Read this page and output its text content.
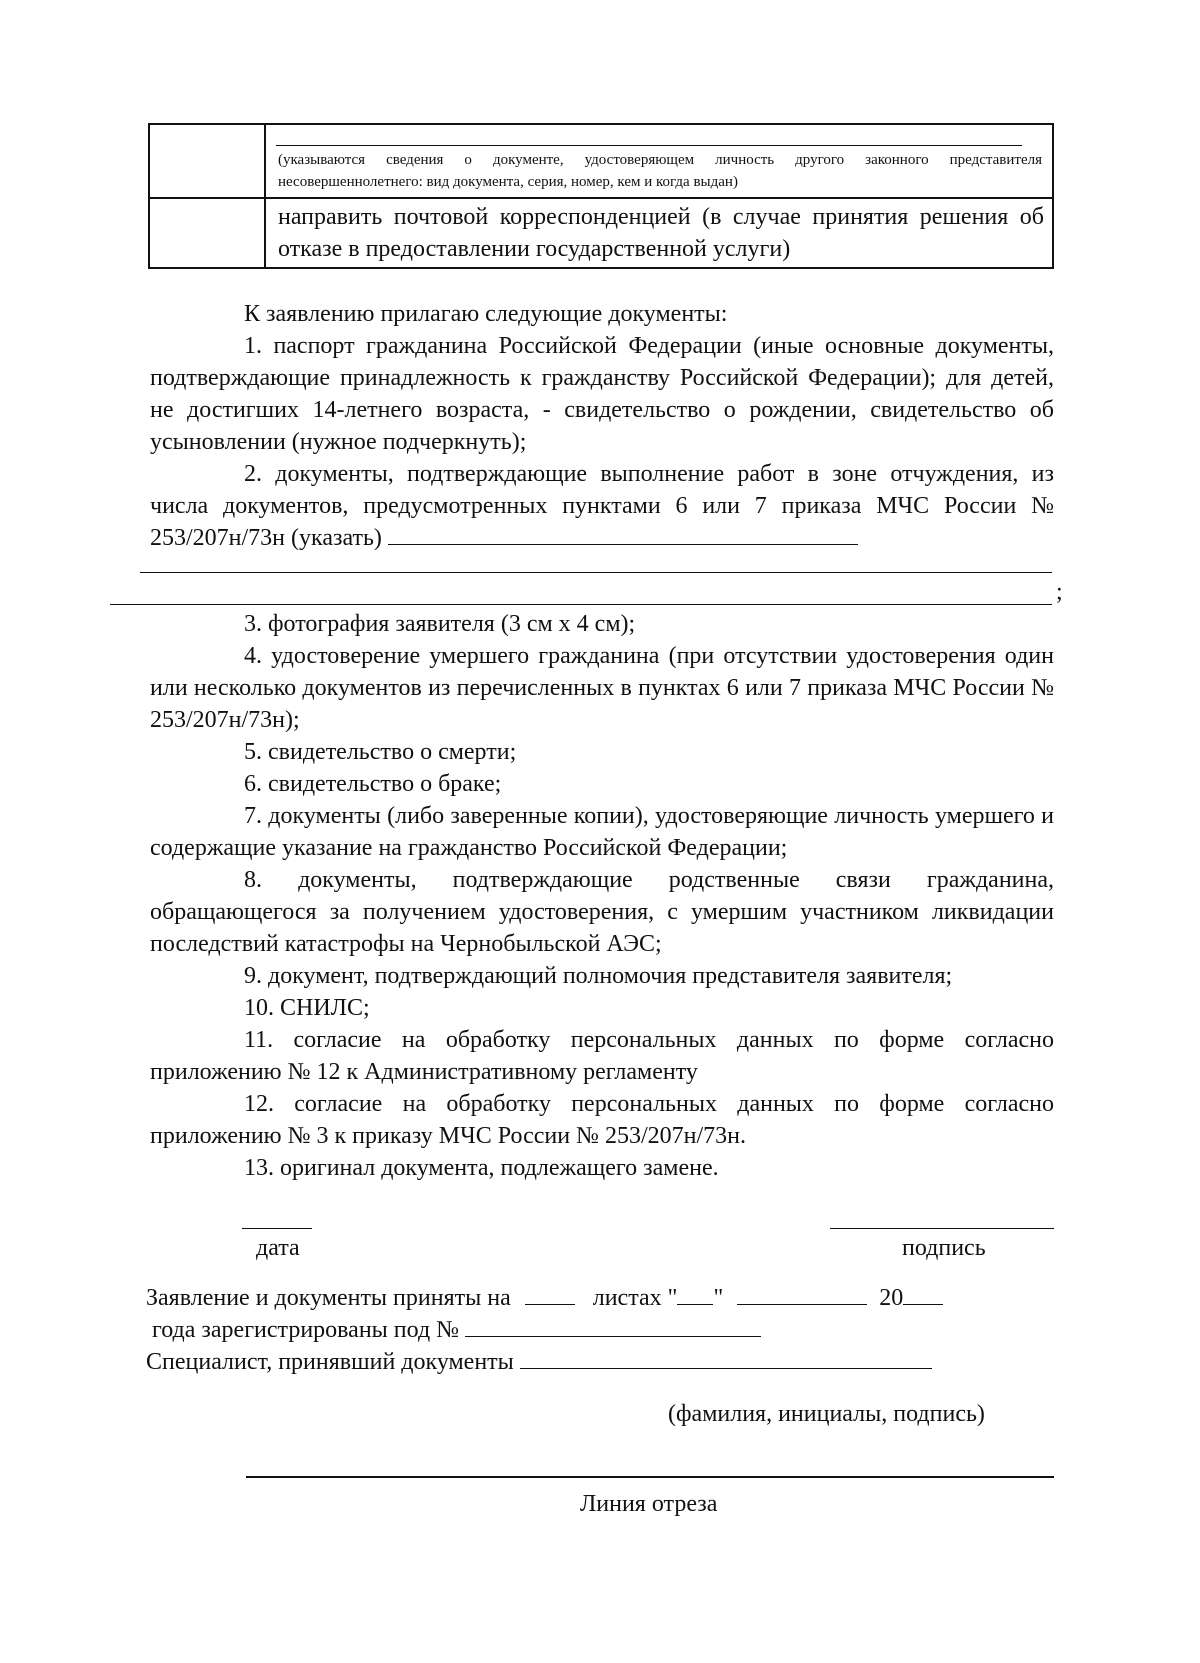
	(указываются сведения о документе, удостоверяющем личность другого законного представителя несовершеннолетнего: вид документа, серия, номер, кем и когда выдан)

	направить почтовой корреспонденцией (в случае принятия решения об отказе в предоставлении государственной услуги)

К заявлению прилагаю следующие документы:

1. паспорт гражданина Российской Федерации (иные основные документы, подтверждающие принадлежность к гражданству Российской Федерации); для детей, не достигших 14-летнего возраста, - свидетельство о рождении, свидетельство об усыновлении (нужное подчеркнуть);

2. документы, подтверждающие выполнение работ в зоне отчуждения, из числа документов, предусмотренных пунктами 6 или 7 приказа МЧС России № 253/207н/73н (указать)

;

3. фотография заявителя (3 см х 4 см);

4. удостоверение умершего гражданина (при отсутствии удостоверения один или несколько документов из перечисленных в пунктах 6 или 7 приказа МЧС России № 253/207н/73н);

5. свидетельство о смерти;

6. свидетельство о браке;

7. документы (либо заверенные копии), удостоверяющие личность умершего и содержащие указание на гражданство Российской Федерации;

8. документы, подтверждающие родственные связи гражданина, обращающегося за получением удостоверения, с умершим участником ликвидации последствий катастрофы на Чернобыльской АЭС;

9. документ, подтверждающий полномочия представителя заявителя;

10. СНИЛС;

11. согласие на обработку персональных данных по форме согласно приложению № 12 к Административному регламенту

12. согласие на обработку персональных данных по форме согласно приложению № 3 к приказу МЧС России № 253/207н/73н.

13. оригинал документа, подлежащего замене.

дата	подпись
Заявление и документы приняты на	листах " "	20
года зарегистрированы под №
Специалист, принявший документы
(фамилия, инициалы, подпись)
Линия отреза
